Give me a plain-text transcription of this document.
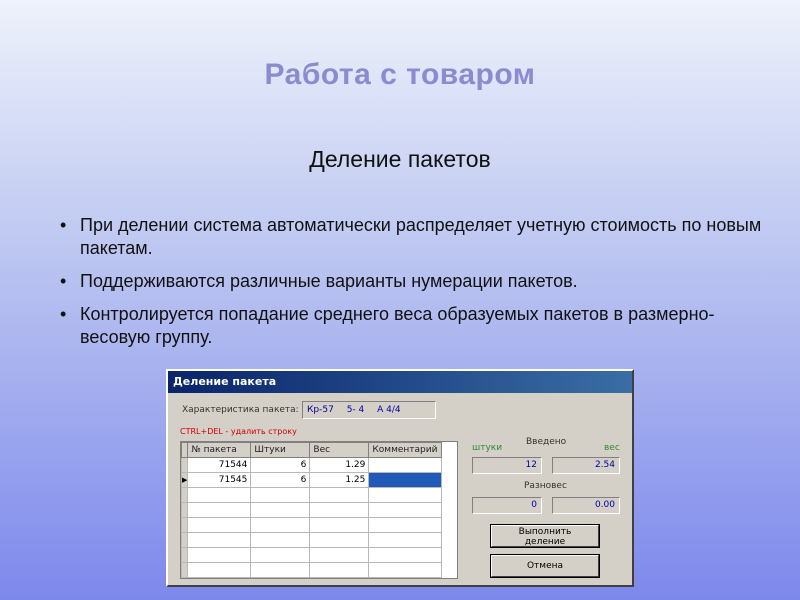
Работа с товаром
Деление пакетов
• При делении система автоматически распределяет учетную стоимость по новым пакетам.
• Поддерживаются различные варианты нумерации пакетов.
• Контролируется попадание среднего веса образуемых пакетов в размерно-весовую группу.
Деление пакета
Характеристика пакета: Кр-57 5- 4 А 4/4
CTRL+DEL - удалить строку
	№ пакета	Штуки	Вес	Комментарий
	71544	6	1.29	
▶	71545	6	1.25	

Введено
штуки	вес
12	2.54
Разновес
0	0.00
Выполнить деление
Отмена
